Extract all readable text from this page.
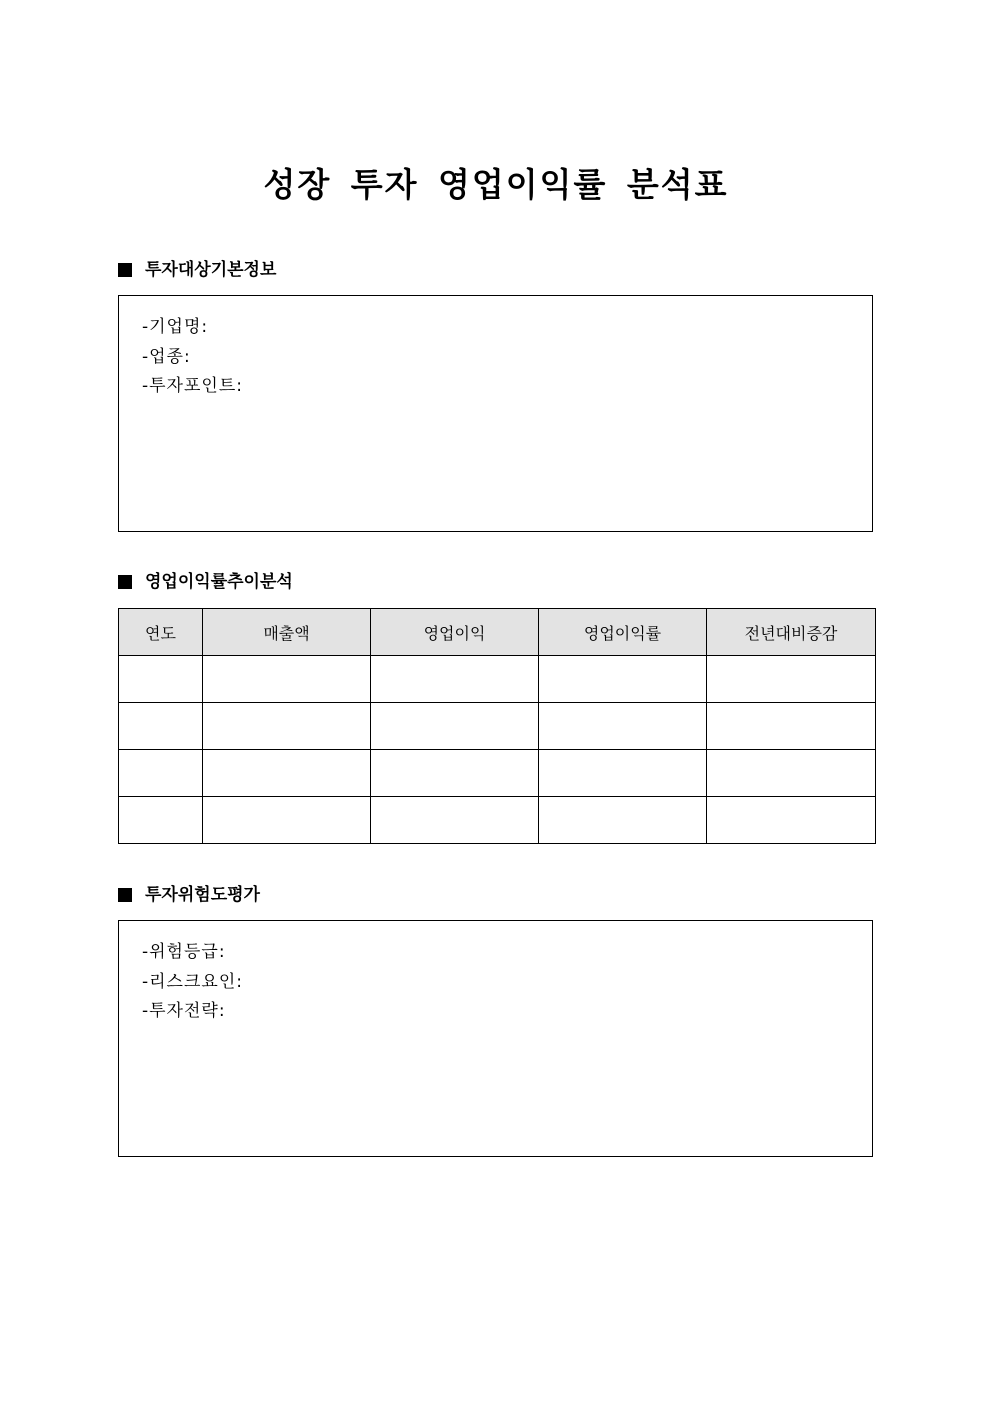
성장 투자 영업이익률 분석표
투자대상기본정보
-기업명:
-업종:
-투자포인트:
영업이익률추이분석
연도	매출액	영업이익	영업이익률	전년대비증감

투자위험도평가
-위험등급:
-리스크요인:
-투자전략:
